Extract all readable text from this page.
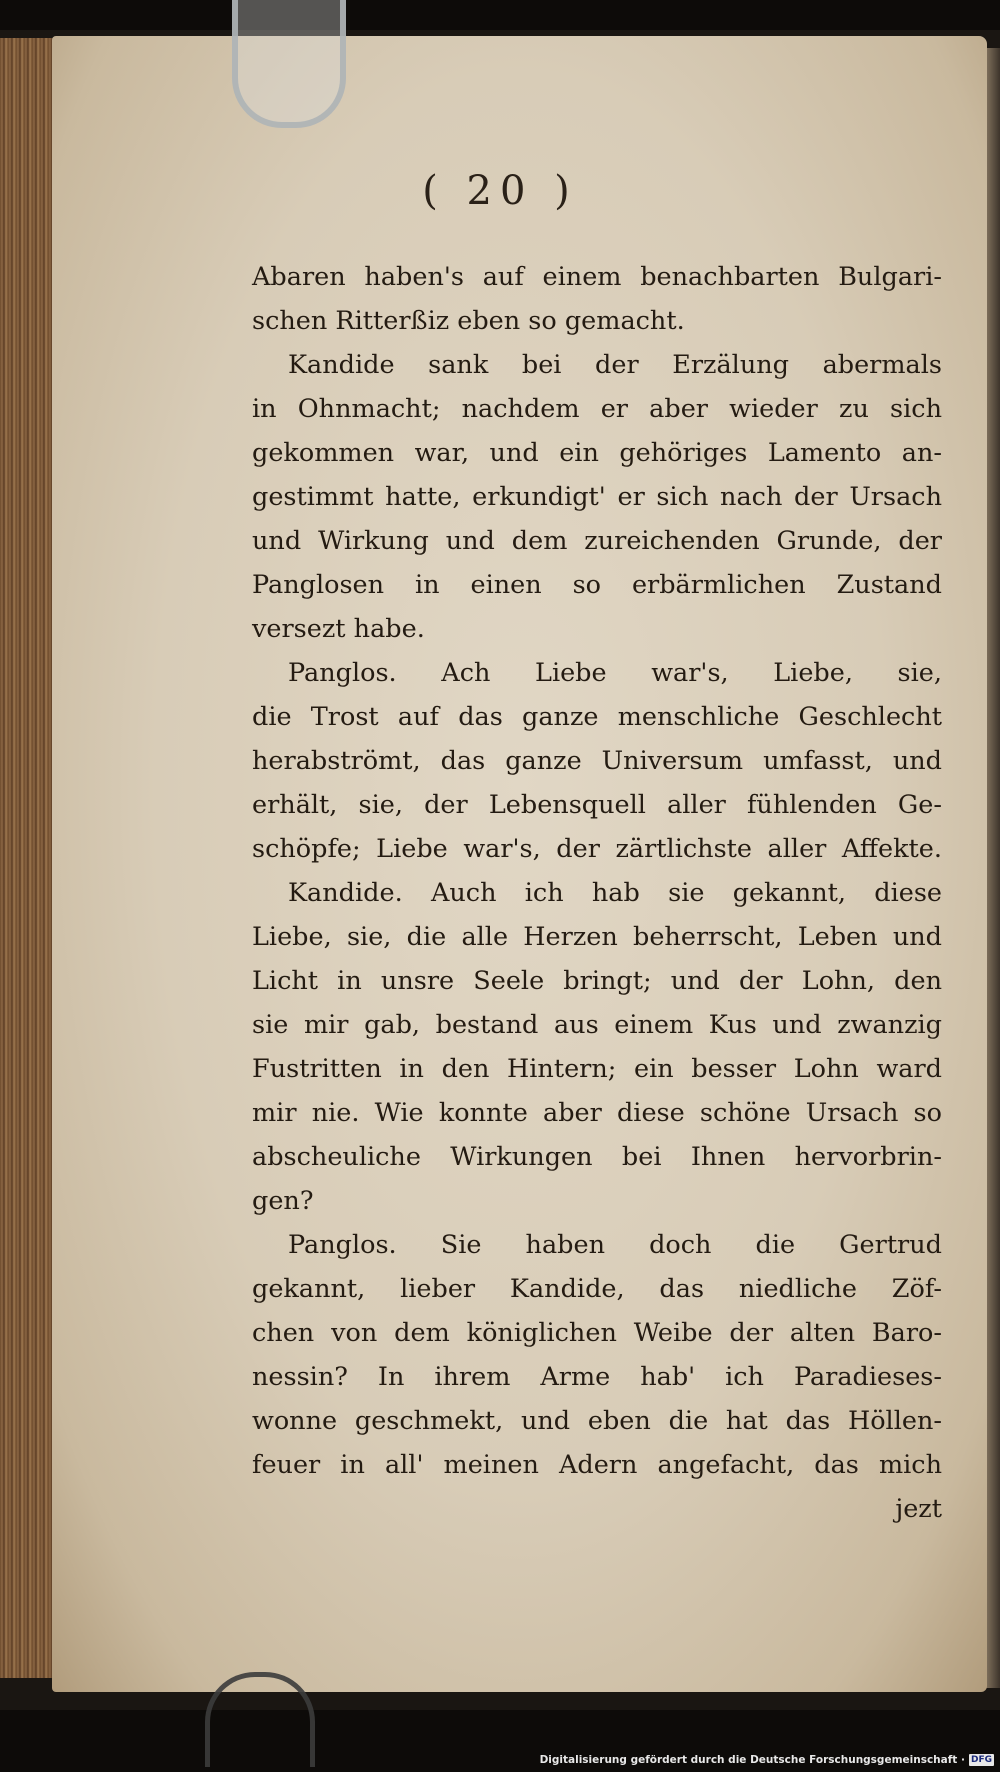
( 20 )
Abaren haben's auf einem benachbarten Bulgari-
schen Ritterßiz eben so gemacht.
Kandide sank bei der Erzälung abermals
in Ohnmacht; nachdem er aber wieder zu sich
gekommen war, und ein gehöriges Lamento an-
gestimmt hatte, erkundigt' er sich nach der Ursach
und Wirkung und dem zureichenden Grunde, der
Panglosen in einen so erbärmlichen Zustand
versezt habe.
Panglos. Ach Liebe war's, Liebe, sie,
die Trost auf das ganze menschliche Geschlecht
herabströmt, das ganze Universum umfasst, und
erhält, sie, der Lebensquell aller fühlenden Ge-
schöpfe; Liebe war's, der zärtlichste aller Affekte.
Kandide. Auch ich hab sie gekannt, diese
Liebe, sie, die alle Herzen beherrscht, Leben und
Licht in unsre Seele bringt; und der Lohn, den
sie mir gab, bestand aus einem Kus und zwanzig
Fustritten in den Hintern; ein besser Lohn ward
mir nie. Wie konnte aber diese schöne Ursach so
abscheuliche Wirkungen bei Ihnen hervorbrin-
gen?
Panglos. Sie haben doch die Gertrud
gekannt, lieber Kandide, das niedliche Zöf-
chen von dem königlichen Weibe der alten Baro-
nessin? In ihrem Arme hab' ich Paradieses-
wonne geschmekt, und eben die hat das Höllen-
feuer in all' meinen Adern angefacht, das mich
jezt
Digitalisierung gefördert durch die Deutsche Forschungsgemeinschaft · DFG
